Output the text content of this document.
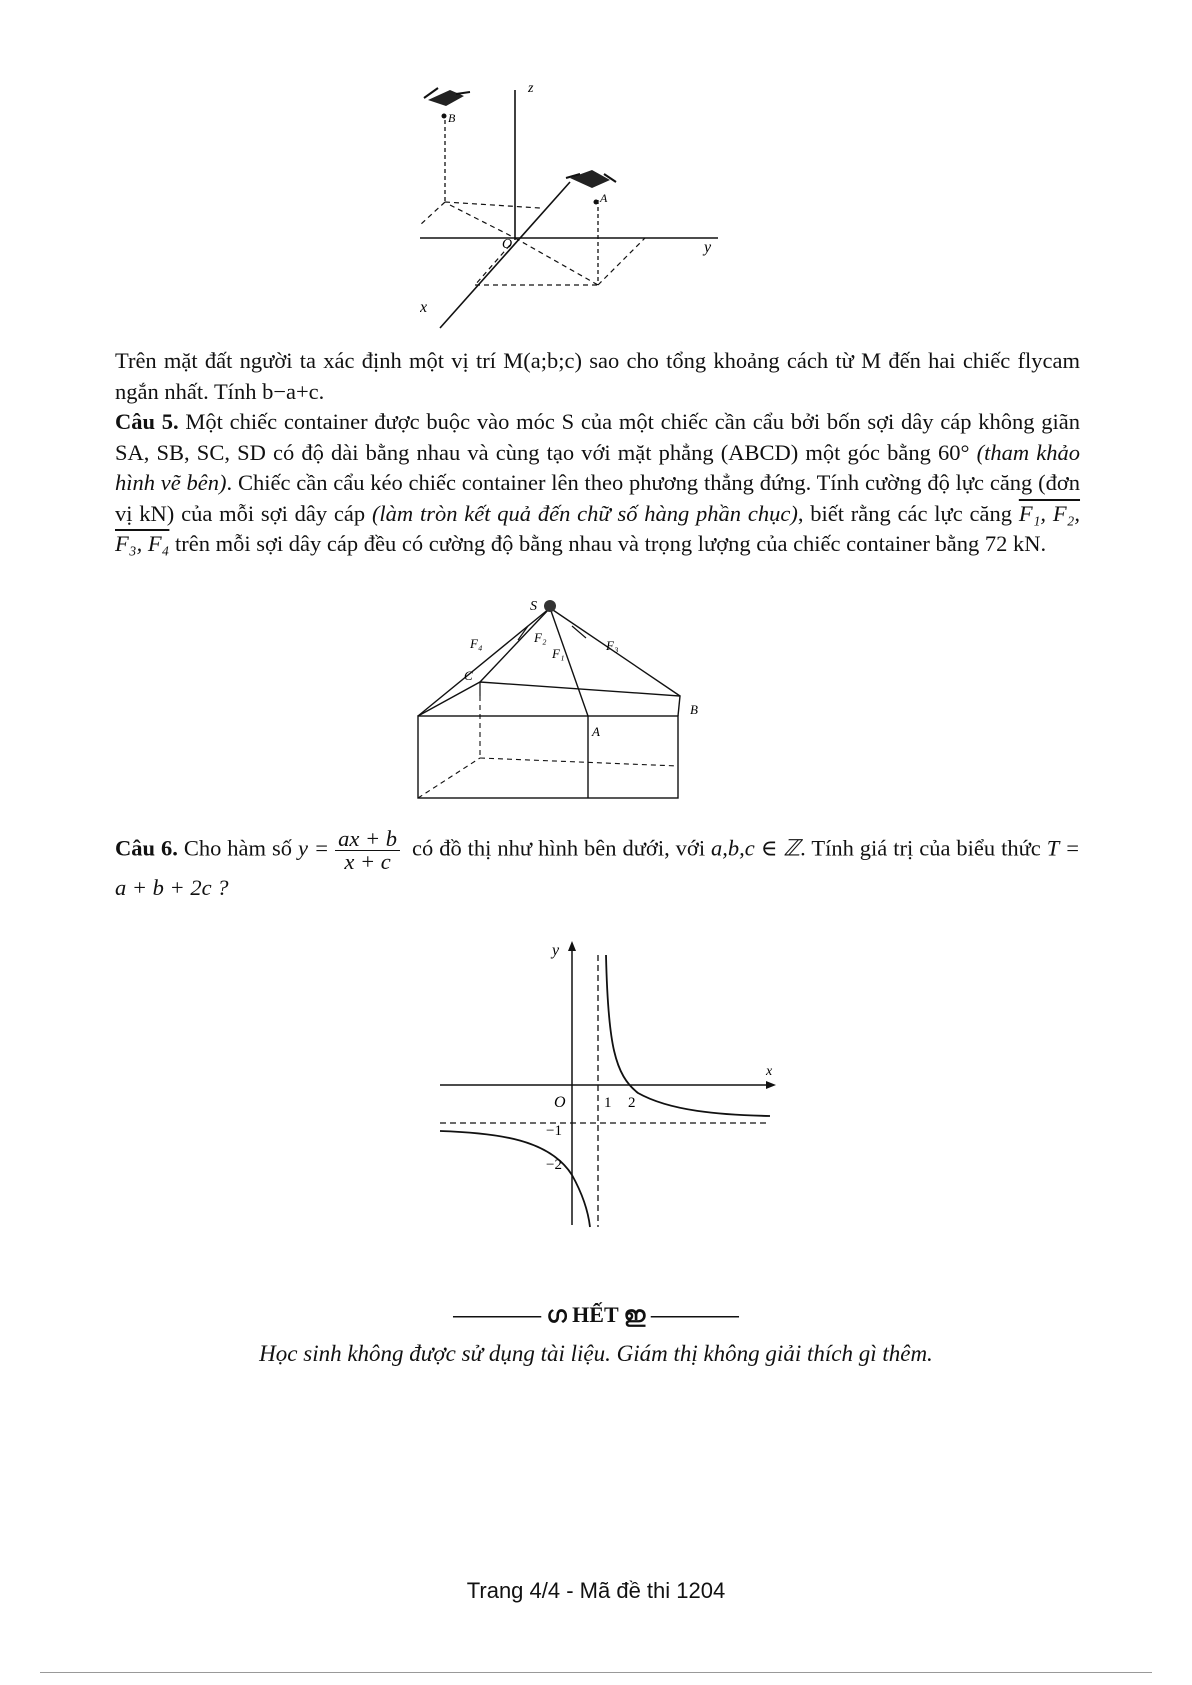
z
y
x
O
A
B

Trên mặt đất người ta xác định một vị trí M(a;b;c) sao cho tổng khoảng cách từ M đến hai chiếc flycam ngắn nhất. Tính b−a+c.

Câu 5. Một chiếc container được buộc vào móc S của một chiếc cần cẩu bởi bốn sợi dây cáp không giãn SA, SB, SC, SD có độ dài bằng nhau và cùng tạo với mặt phẳng (ABCD) một góc bằng 60° (tham khảo hình vẽ bên). Chiếc cần cẩu kéo chiếc container lên theo phương thẳng đứng. Tính cường độ lực căng (đơn vị kN) của mỗi sợi dây cáp (làm tròn kết quả đến chữ số hàng phần chục), biết rằng các lực căng F₁, F₂, F₃, F₄ trên mỗi sợi dây cáp đều có cường độ bằng nhau và trọng lượng của chiếc container bằng 72 kN.

S
C
B
A
F₄	F₂
F₁
F₃

Câu 6. Cho hàm số $y = \frac{ax + b}{x + c}$ có đồ thị như hình bên dưới, với a,b,c ∈ ℤ. Tính giá trị của biểu thức T = a + b + 2c ?

y
x
O	1 2
−1
−2
———— ഗ HẾT ഇ ————
Học sinh không được sử dụng tài liệu. Giám thị không giải thích gì thêm.
Trang 4/4 - Mã đề thi 1204
